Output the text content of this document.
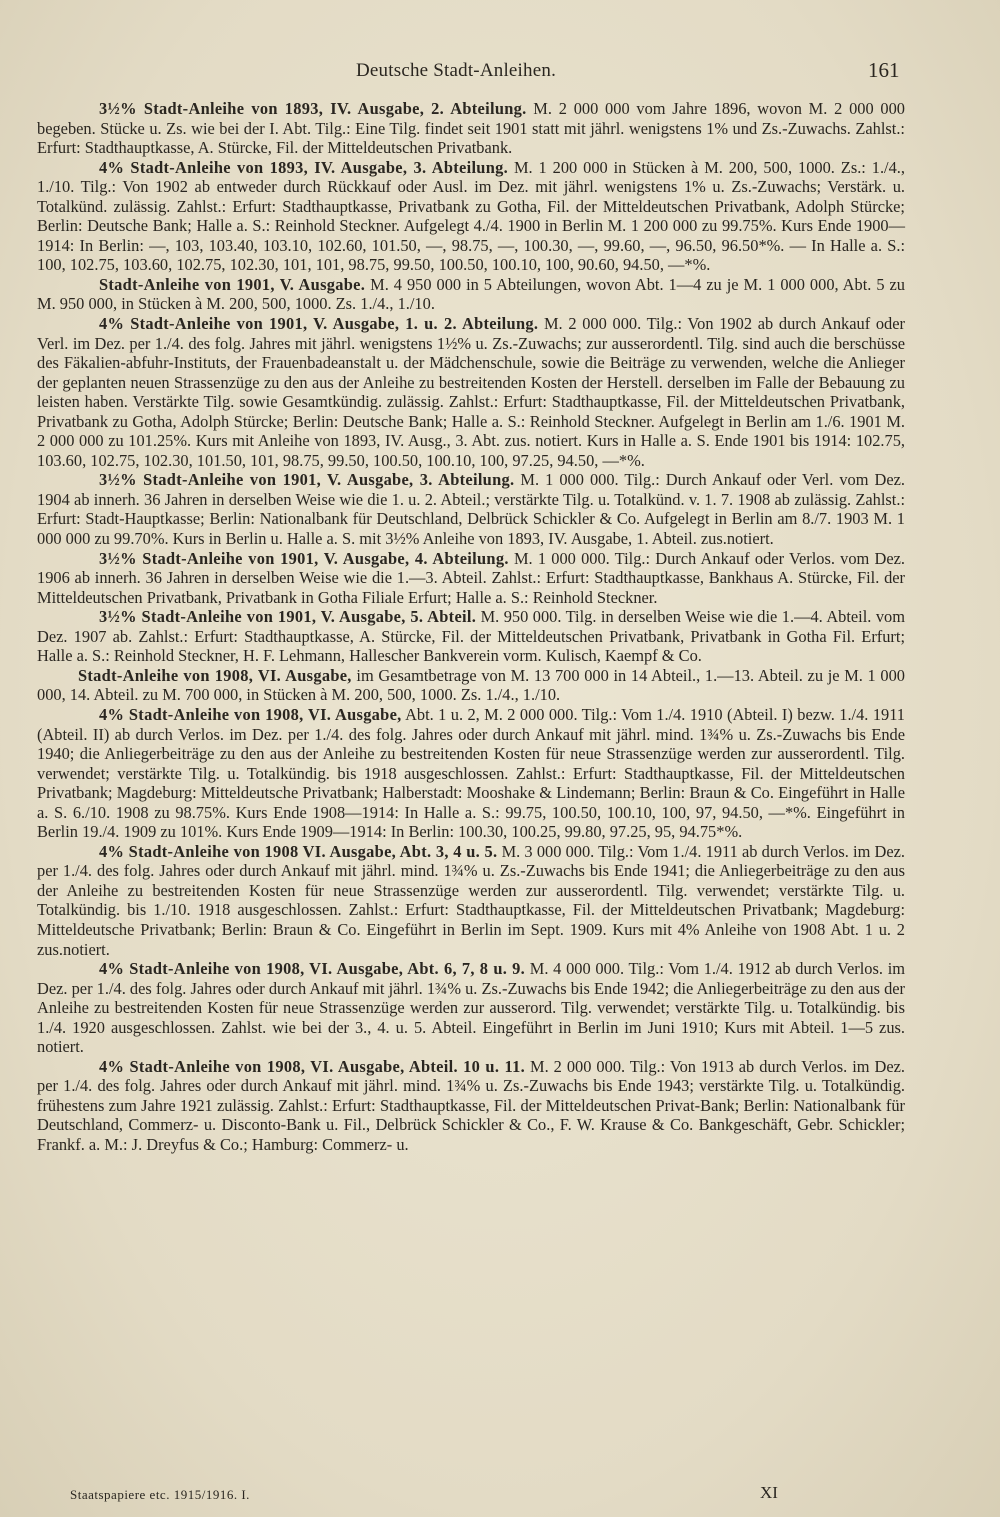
Deutsche Stadt-Anleihen.	161

3½% Stadt-Anleihe von 1893, IV. Ausgabe, 2. Abteilung. M. 2 000 000 vom Jahre 1896, wovon M. 2 000 000 begeben. Stücke u. Zs. wie bei der I. Abt. Tilg.: Eine Tilg. findet seit 1901 statt mit jährl. wenigstens 1% und Zs.-Zuwachs. Zahlst.: Erfurt: Stadthauptkasse, A. Stürcke, Fil. der Mitteldeutschen Privatbank.

4% Stadt-Anleihe von 1893, IV. Ausgabe, 3. Abteilung. M. 1 200 000 in Stücken à M. 200, 500, 1000. Zs.: 1./4., 1./10. Tilg.: Von 1902 ab entweder durch Rückkauf oder Ausl. im Dez. mit jährl. wenigstens 1% u. Zs.-Zuwachs; Verstärk. u. Totalkünd. zulässig. Zahlst.: Erfurt: Stadthauptkasse, Privatbank zu Gotha, Fil. der Mitteldeutschen Privatbank, Adolph Stürcke; Berlin: Deutsche Bank; Halle a. S.: Reinhold Steckner. Aufgelegt 4./4. 1900 in Berlin M. 1 200 000 zu 99.75%. Kurs Ende 1900—1914: In Berlin: —, 103, 103.40, 103.10, 102.60, 101.50, —, 98.75, —, 100.30, —, 99.60, —, 96.50, 96.50*%. — In Halle a. S.: 100, 102.75, 103.60, 102.75, 102.30, 101, 101, 98.75, 99.50, 100.50, 100.10, 100, 90.60, 94.50, —*%.

Stadt-Anleihe von 1901, V. Ausgabe. M. 4 950 000 in 5 Abteilungen, wovon Abt. 1—4 zu je M. 1 000 000, Abt. 5 zu M. 950 000, in Stücken à M. 200, 500, 1000. Zs. 1./4., 1./10.

4% Stadt-Anleihe von 1901, V. Ausgabe, 1. u. 2. Abteilung. M. 2 000 000. Tilg.: Von 1902 ab durch Ankauf oder Verl. im Dez. per 1./4. des folg. Jahres mit jährl. wenigstens 1½% u. Zs.-Zuwachs; zur ausserordentl. Tilg. sind auch die berschüsse des Fäkalien-abfuhr-Instituts, der Frauenbadeanstalt u. der Mädchenschule, sowie die Beiträge zu verwenden, welche die Anlieger der geplanten neuen Strassenzüge zu den aus der Anleihe zu bestreitenden Kosten der Herstell. derselben im Falle der Bebauung zu leisten haben. Verstärkte Tilg. sowie Gesamtkündig. zulässig. Zahlst.: Erfurt: Stadthauptkasse, Fil. der Mitteldeutschen Privatbank, Privatbank zu Gotha, Adolph Stürcke; Berlin: Deutsche Bank; Halle a. S.: Reinhold Steckner. Aufgelegt in Berlin am 1./6. 1901 M. 2 000 000 zu 101.25%. Kurs mit Anleihe von 1893, IV. Ausg., 3. Abt. zus. notiert. Kurs in Halle a. S. Ende 1901 bis 1914: 102.75, 103.60, 102.75, 102.30, 101.50, 101, 98.75, 99.50, 100.50, 100.10, 100, 97.25, 94.50, —*%.

3½% Stadt-Anleihe von 1901, V. Ausgabe, 3. Abteilung. M. 1 000 000. Tilg.: Durch Ankauf oder Verl. vom Dez. 1904 ab innerh. 36 Jahren in derselben Weise wie die 1. u. 2. Abteil.; verstärkte Tilg. u. Totalkünd. v. 1. 7. 1908 ab zulässig. Zahlst.: Erfurt: Stadt-Hauptkasse; Berlin: Nationalbank für Deutschland, Delbrück Schickler & Co. Aufgelegt in Berlin am 8./7. 1903 M. 1 000 000 zu 99.70%. Kurs in Berlin u. Halle a. S. mit 3½% Anleihe von 1893, IV. Ausgabe, 1. Abteil. zus.notiert.

3½% Stadt-Anleihe von 1901, V. Ausgabe, 4. Abteilung. M. 1 000 000. Tilg.: Durch Ankauf oder Verlos. vom Dez. 1906 ab innerh. 36 Jahren in derselben Weise wie die 1.—3. Abteil. Zahlst.: Erfurt: Stadthauptkasse, Bankhaus A. Stürcke, Fil. der Mitteldeutschen Privatbank, Privatbank in Gotha Filiale Erfurt; Halle a. S.: Reinhold Steckner.

3½% Stadt-Anleihe von 1901, V. Ausgabe, 5. Abteil. M. 950 000. Tilg. in derselben Weise wie die 1.—4. Abteil. vom Dez. 1907 ab. Zahlst.: Erfurt: Stadthauptkasse, A. Stürcke, Fil. der Mitteldeutschen Privatbank, Privatbank in Gotha Fil. Erfurt; Halle a. S.: Reinhold Steckner, H. F. Lehmann, Hallescher Bankverein vorm. Kulisch, Kaempf & Co.

Stadt-Anleihe von 1908, VI. Ausgabe, im Gesamtbetrage von M. 13 700 000 in 14 Abteil., 1.—13. Abteil. zu je M. 1 000 000, 14. Abteil. zu M. 700 000, in Stücken à M. 200, 500, 1000. Zs. 1./4., 1./10.

4% Stadt-Anleihe von 1908, VI. Ausgabe, Abt. 1 u. 2, M. 2 000 000. Tilg.: Vom 1./4. 1910 (Abteil. I) bezw. 1./4. 1911 (Abteil. II) ab durch Verlos. im Dez. per 1./4. des folg. Jahres oder durch Ankauf mit jährl. mind. 1¾% u. Zs.-Zuwachs bis Ende 1940; die Anliegerbeiträge zu den aus der Anleihe zu bestreitenden Kosten für neue Strassenzüge werden zur ausserordentl. Tilg. verwendet; verstärkte Tilg. u. Totalkündig. bis 1918 ausgeschlossen. Zahlst.: Erfurt: Stadthauptkasse, Fil. der Mitteldeutschen Privatbank; Magdeburg: Mitteldeutsche Privatbank; Halberstadt: Mooshake & Lindemann; Berlin: Braun & Co. Eingeführt in Halle a. S. 6./10. 1908 zu 98.75%. Kurs Ende 1908—1914: In Halle a. S.: 99.75, 100.50, 100.10, 100, 97, 94.50, —*%. Eingeführt in Berlin 19./4. 1909 zu 101%. Kurs Ende 1909—1914: In Berlin: 100.30, 100.25, 99.80, 97.25, 95, 94.75*%.

4% Stadt-Anleihe von 1908 VI. Ausgabe, Abt. 3, 4 u. 5. M. 3 000 000. Tilg.: Vom 1./4. 1911 ab durch Verlos. im Dez. per 1./4. des folg. Jahres oder durch Ankauf mit jährl. mind. 1¾% u. Zs.-Zuwachs bis Ende 1941; die Anliegerbeiträge zu den aus der Anleihe zu bestreitenden Kosten für neue Strassenzüge werden zur ausserordentl. Tilg. verwendet; verstärkte Tilg. u. Totalkündig. bis 1./10. 1918 ausgeschlossen. Zahlst.: Erfurt: Stadthauptkasse, Fil. der Mitteldeutschen Privatbank; Magdeburg: Mitteldeutsche Privatbank; Berlin: Braun & Co. Eingeführt in Berlin im Sept. 1909. Kurs mit 4% Anleihe von 1908 Abt. 1 u. 2 zus.notiert.

4% Stadt-Anleihe von 1908, VI. Ausgabe, Abt. 6, 7, 8 u. 9. M. 4 000 000. Tilg.: Vom 1./4. 1912 ab durch Verlos. im Dez. per 1./4. des folg. Jahres oder durch Ankauf mit jährl. 1¾% u. Zs.-Zuwachs bis Ende 1942; die Anliegerbeiträge zu den aus der Anleihe zu bestreitenden Kosten für neue Strassenzüge werden zur ausserord. Tilg. verwendet; verstärkte Tilg. u. Totalkündig. bis 1./4. 1920 ausgeschlossen. Zahlst. wie bei der 3., 4. u. 5. Abteil. Eingeführt in Berlin im Juni 1910; Kurs mit Abteil. 1—5 zus. notiert.

4% Stadt-Anleihe von 1908, VI. Ausgabe, Abteil. 10 u. 11. M. 2 000 000. Tilg.: Von 1913 ab durch Verlos. im Dez. per 1./4. des folg. Jahres oder durch Ankauf mit jährl. mind. 1¾% u. Zs.-Zuwachs bis Ende 1943; verstärkte Tilg. u. Totalkündig. frühestens zum Jahre 1921 zulässig. Zahlst.: Erfurt: Stadthauptkasse, Fil. der Mitteldeutschen Privat-Bank; Berlin: Nationalbank für Deutschland, Commerz- u. Disconto-Bank u. Fil., Delbrück Schickler & Co., F. W. Krause & Co. Bankgeschäft, Gebr. Schickler; Frankf. a. M.: J. Dreyfus & Co.; Hamburg: Commerz- u.

Staatspapiere etc. 1915/1916. I.	XI
